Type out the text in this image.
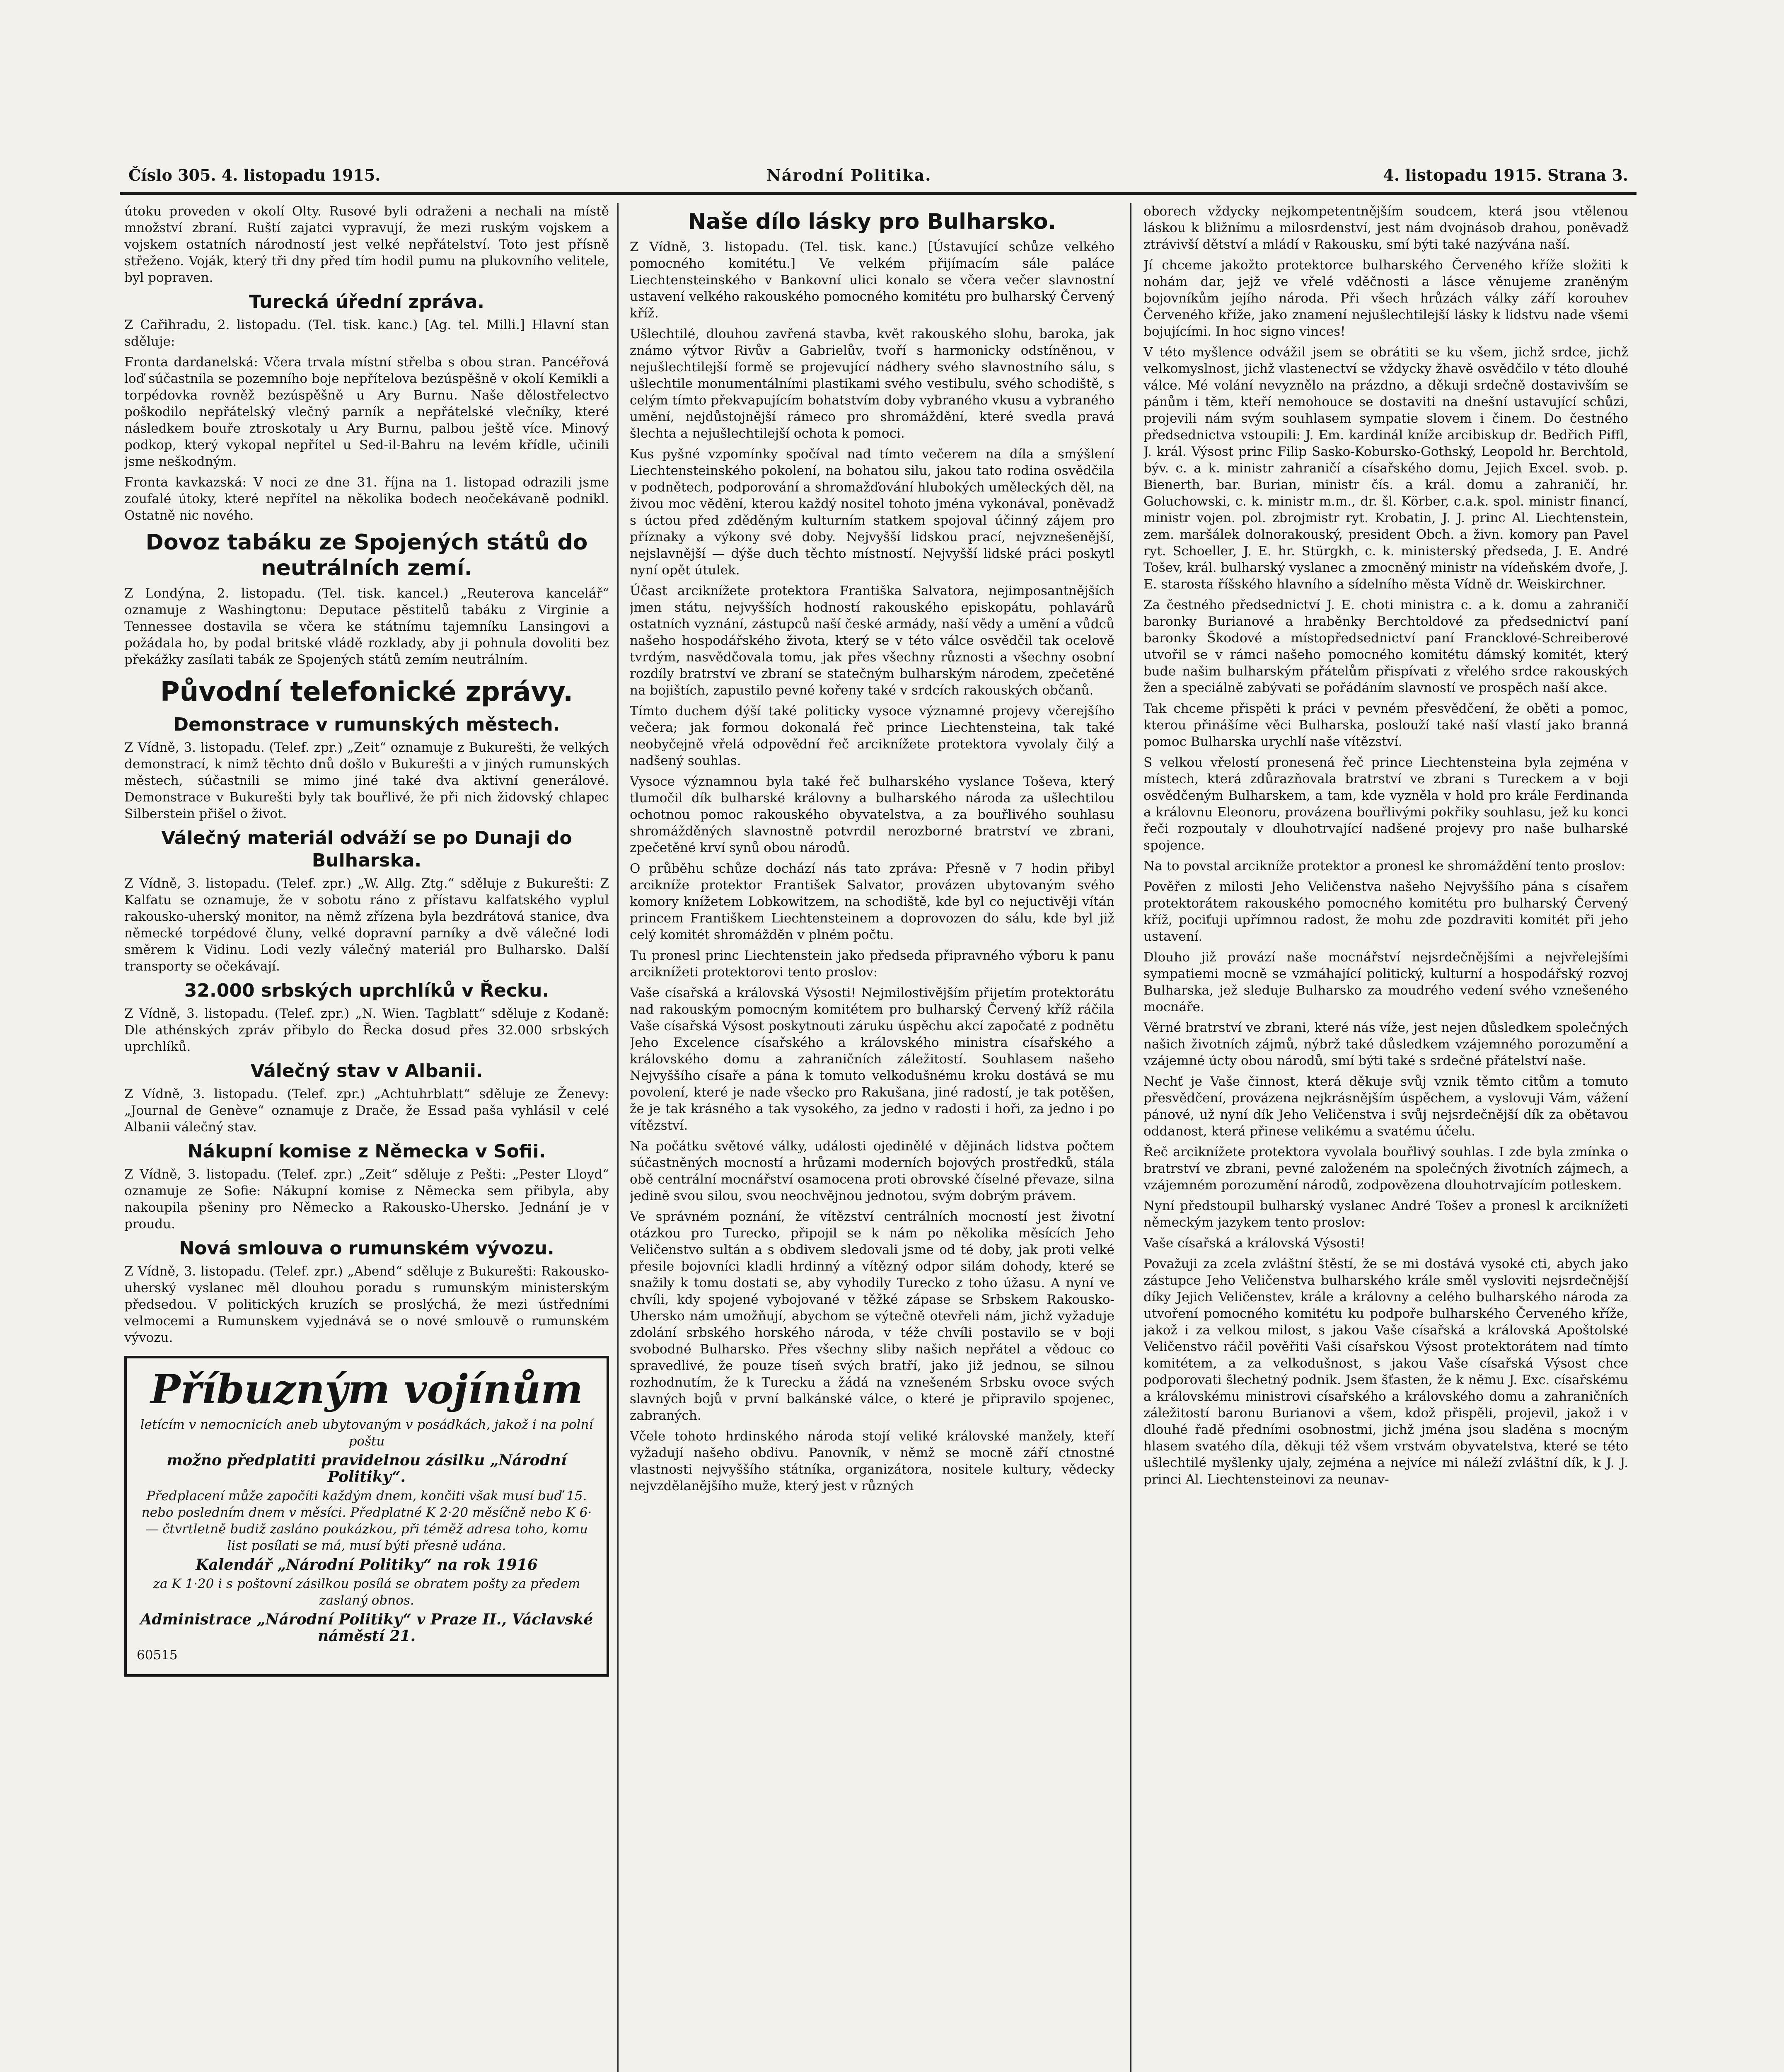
Číslo 305. 4. listopadu 1915.	Národní Politika.	4. listopadu 1915. Strana 3.

útoku proveden v okolí Olty. Rusové byli odraženi a nechali na místě množství zbraní. Ruští zajatci vypravují, že mezi ruským vojskem a vojskem ostatních národností jest velké nepřátelství. Toto jest přísně střeženo. Voják, který tři dny před tím hodil pumu na plukovního velitele, byl popraven.

Turecká úřední zpráva.

Z Cařihradu, 2. listopadu. (Tel. tisk. kanc.) [Ag. tel. Milli.] Hlavní stan sděluje:

Fronta dardanelská: Včera trvala místní střelba s obou stran. Pancéřová loď súčastnila se pozemního boje nepřítelova bezúspěšně v okolí Kemikli a torpédovka rovněž bezúspěšně u Ary Burnu. Naše dělostřelectvo poškodilo nepřátelský vlečný parník a nepřátelské vlečníky, které následkem bouře ztroskotaly u Ary Burnu, palbou ještě více. Minový podkop, který vykopal nepřítel u Sed-il-Bahru na levém křídle, učinili jsme neškodným.

Fronta kavkazská: V noci ze dne 31. října na 1. listopad odrazili jsme zoufalé útoky, které nepřítel na několika bodech neočekávaně podnikl. Ostatně nic nového.

Dovoz tabáku ze Spojených států do neutrálních zemí.

Z Londýna, 2. listopadu. (Tel. tisk. kancel.) „Reuterova kancelář“ oznamuje z Washingtonu: Deputace pěstitelů tabáku z Virginie a Tennessee dostavila se včera ke státnímu tajemníku Lansingovi a požádala ho, by podal britské vládě rozklady, aby ji pohnula dovoliti bez překážky zasílati tabák ze Spojených států zemím neutrálním.

Původní telefonické zprávy.
Demonstrace v rumunských městech.

Z Vídně, 3. listopadu. (Telef. zpr.) „Zeit“ oznamuje z Bukurešti, že velkých demonstrací, k nimž těchto dnů došlo v Bukurešti a v jiných rumunských městech, súčastnili se mimo jiné také dva aktivní generálové. Demonstrace v Bukurešti byly tak bouřlivé, že při nich židovský chlapec Silberstein přišel o život.

Válečný materiál odváží se po Dunaji do Bulharska.

Z Vídně, 3. listopadu. (Telef. zpr.) „W. Allg. Ztg.“ sděluje z Bukurešti: Z Kalfatu se oznamuje, že v sobotu ráno z přístavu kalfatského vyplul rakousko-uherský monitor, na němž zřízena byla bezdrátová stanice, dva německé torpédové čluny, velké dopravní parníky a dvě válečné lodi směrem k Vidinu. Lodi vezly válečný materiál pro Bulharsko. Další transporty se očekávají.

32.000 srbských uprchlíků v Řecku.

Z Vídně, 3. listopadu. (Telef. zpr.) „N. Wien. Tagblatt“ sděluje z Kodaně: Dle athénských zpráv přibylo do Řecka dosud přes 32.000 srbských uprchlíků.

Válečný stav v Albanii.

Z Vídně, 3. listopadu. (Telef. zpr.) „Achtuhrblatt“ sděluje ze Ženevy: „Journal de Genève“ oznamuje z Drače, že Essad paša vyhlásil v celé Albanii válečný stav.

Nákupní komise z Německa v Sofii.

Z Vídně, 3. listopadu. (Telef. zpr.) „Zeit“ sděluje z Pešti: „Pester Lloyd“ oznamuje ze Sofie: Nákupní komise z Německa sem přibyla, aby nakoupila pšeniny pro Německo a Rakousko-Uhersko. Jednání je v proudu.

Nová smlouva o rumunském vývozu.

Z Vídně, 3. listopadu. (Telef. zpr.) „Abend“ sděluje z Bukurešti: Rakousko-uherský vyslanec měl dlouhou poradu s rumunským ministerským předsedou. V politických kruzích se proslýchá, že mezi ústředními velmocemi a Rumunskem vyjednává se o nové smlouvě o rumunském vývozu.

Příbuzným vojínům

letícím v nemocnicích aneb ubytovaným v posádkách, jakož i na polní poštu

možno předplatiti pravidelnou zásilku „Národní Politiky“.

Předplacení může započíti každým dnem, končiti však musí buď 15. nebo posledním dnem v měsíci. Předplatné K 2·20 měsíčně nebo K 6·— čtvrtletně budiž zasláno poukázkou, při téměž adresa toho, komu list posílati se má, musí býti přesně udána.

Kalendář „Národní Politiky“ na rok 1916

za K 1·20 i s poštovní zásilkou posílá se obratem pošty za předem zaslaný obnos.

Administrace „Národní Politiky“ v Praze II., Václavské náměstí 21.

60515

Naše dílo lásky pro Bulharsko.

Z Vídně, 3. listopadu. (Tel. tisk. kanc.) [Ústavující schůze velkého pomocného komitétu.] Ve velkém přijímacím sále paláce Liechtensteinského v Bankovní ulici konalo se včera večer slavnostní ustavení velkého rakouského pomocného komitétu pro bulharský Červený kříž.

Ušlechtilé, dlouhou zavřená stavba, květ rakouského slohu, baroka, jak známo výtvor Rivův a Gabrielův, tvoří s harmonicky odstíněnou, v nejušlechtilejší formě se projevující nádhery svého slavnostního sálu, s ušlechtile monumentálními plastikami svého vestibulu, svého schodiště, s celým tímto překvapujícím bohatstvím doby vybraného vkusu a vybraného umění, nejdůstojnější rámeco pro shromáždění, které svedla pravá šlechta a nejušlechtilejší ochota k pomoci.

Kus pyšné vzpomínky spočíval nad tímto večerem na díla a smýšlení Liechtensteinského pokolení, na bohatou silu, jakou tato rodina osvědčila v podnětech, podporování a shromažďování hlubokých uměleckých děl, na živou moc vědění, kterou každý nositel tohoto jména vykonával, poněvadž s úctou před zděděným kulturním statkem spojoval účinný zájem pro příznaky a výkony své doby. Nejvyšší lidskou prací, nejvznešenější, nejslavnější — dýše duch těchto místností. Nejvyšší lidské práci poskytl nyní opět útulek.

Účast arciknížete protektora Františka Salvatora, nejimposantnějších jmen státu, nejvyšších hodností rakouského episkopátu, pohlavárů ostatních vyznání, zástupců naší české armády, naší vědy a umění a vůdců našeho hospodářského života, který se v této válce osvědčil tak ocelově tvrdým, nasvědčovala tomu, jak přes všechny různosti a všechny osobní rozdíly bratrství ve zbraní se statečným bulharským národem, zpečetěné na bojištích, zapustilo pevné kořeny také v srdcích rakouských občanů.

Tímto duchem dýší také politicky vysoce významné projevy včerejšího večera; jak formou dokonalá řeč prince Liechtensteina, tak také neobyčejně vřelá odpovědní řeč arciknížete protektora vyvolaly čilý a nadšený souhlas.

Vysoce významnou byla také řeč bulharského vyslance Toševa, který tlumočil dík bulharské královny a bulharského národa za ušlechtilou ochotnou pomoc rakouského obyvatelstva, a za bouřlivého souhlasu shromážděných slavnostně potvrdil nerozborné bratrství ve zbrani, zpečetěné krví synů obou národů.

O průběhu schůze dochází nás tato zpráva: Přesně v 7 hodin přibyl arcikníže protektor František Salvator, provázen ubytovaným svého komory knížetem Lobkowitzem, na schodiště, kde byl co nejuctivěji vítán princem Františkem Liechtensteinem a doprovozen do sálu, kde byl již celý komitét shromážděn v plném počtu.

Tu pronesl princ Liechtenstein jako předseda připravného výboru k panu arciknížeti protektorovi tento proslov:

Vaše císařská a královská Výsosti! Nejmilostivějším přijetím protektorátu nad rakouským pomocným komitétem pro bulharský Červený kříž ráčila Vaše císařská Výsost poskytnouti záruku úspěchu akcí započaté z podnětu Jeho Excelence císařského a královského ministra císařského a královského domu a zahraničních záležitostí. Souhlasem našeho Nejvyššího císaře a pána k tomuto velkodušnému kroku dostává se mu povolení, které je nade všecko pro Rakušana, jiné radostí, je tak potěšen, že je tak krásného a tak vysokého, za jedno v radosti i hoři, za jedno i po vítězství.

Na počátku světové války, události ojedinělé v dějinách lidstva počtem súčastněných mocností a hrůzami moderních bojových prostředků, stála obě centrální mocnářství osamocena proti obrovské číselné převaze, silna jedině svou silou, svou neochvějnou jednotou, svým dobrým právem.

Ve správném poznání, že vítězství centrálních mocností jest životní otázkou pro Turecko, připojil se k nám po několika měsících Jeho Veličenstvo sultán a s obdivem sledovali jsme od té doby, jak proti velké přesile bojovníci kladli hrdinný a vítězný odpor silám dohody, které se snažily k tomu dostati se, aby vyhodily Turecko z toho úžasu. A nyní ve chvíli, kdy spojené vybojované v těžké zápase se Srbskem Rakousko-Uhersko nám umožňují, abychom se výtečně otevřeli nám, jichž vyžaduje zdolání srbského horského národa, v téže chvíli postavilo se v boji svobodné Bulharsko. Přes všechny sliby našich nepřátel a vědouc co spravedlivé, že pouze tíseň svých bratří, jako již jednou, se silnou rozhodnutím, že k Turecku a žádá na vznešeném Srbsku ovoce svých slavných bojů v první balkánské válce, o které je připravilo spojenec, zabraných.

Včele tohoto hrdinského národa stojí veliké královské manžely, kteří vyžadují našeho obdivu. Panovník, v němž se mocně září ctnostné vlastnosti nejvyššího státníka, organizátora, nositele kultury, vědecky nejvzdělanějšího muže, který jest v různých

oborech vždycky nejkompetentnějším soudcem, která jsou vtělenou láskou k bližnímu a milosrdenství, jest nám dvojnásob drahou, poněvadž ztrávivší dětství a mládí v Rakousku, smí býti také nazývána naší.

Jí chceme jakožto protektorce bulharského Červeného kříže složiti k nohám dar, jejž ve vřelé vděčnosti a lásce věnujeme zraněným bojovníkům jejího národa. Při všech hrůzách války září korouhev Červeného kříže, jako znamení nejušlechtilejší lásky k lidstvu nade všemi bojujícími. In hoc signo vinces!

V této myšlence odvážil jsem se obrátiti se ku všem, jichž srdce, jichž velkomyslnost, jichž vlastenectví se vždycky žhavě osvědčilo v této dlouhé válce. Mé volání nevyznělo na prázdno, a děkuji srdečně dostavivším se pánům i těm, kteří nemohouce se dostaviti na dnešní ustavující schůzi, projevili nám svým souhlasem sympatie slovem i činem. Do čestného předsednictva vstoupili: J. Em. kardinál kníže arcibiskup dr. Bedřich Piffl, J. král. Výsost princ Filip Sasko-Kobursko-Gothský, Leopold hr. Berchtold, býv. c. a k. ministr zahraničí a císařského domu, Jejich Excel. svob. p. Bienerth, bar. Burian, ministr čís. a král. domu a zahraničí, hr. Goluchowski, c. k. ministr m.m., dr. šl. Körber, c.a.k. spol. ministr financí, ministr vojen. pol. zbrojmistr ryt. Krobatin, J. J. princ Al. Liechtenstein, zem. maršálek dolnorakouský, president Obch. a živn. komory pan Pavel ryt. Schoeller, J. E. hr. Stürgkh, c. k. ministerský předseda, J. E. André Tošev, král. bulharský vyslanec a zmocněný ministr na vídeňském dvoře, J. E. starosta říšského hlavního a sídelního města Vídně dr. Weiskirchner.

Za čestného předsednictví J. E. choti ministra c. a k. domu a zahraničí baronky Burianové a hraběnky Berchtoldové za předsednictví paní baronky Škodové a místopředsednictví paní Francklové-Schreiberové utvořil se v rámci našeho pomocného komitétu dámský komitét, který bude našim bulharským přátelům přispívati z vřelého srdce rakouských žen a speciálně zabývati se pořádáním slavností ve prospěch naší akce.

Tak chceme přispěti k práci v pevném přesvědčení, že oběti a pomoc, kterou přinášíme věci Bulharska, poslouží také naší vlastí jako branná pomoc Bulharska urychlí naše vítězství.

S velkou vřelostí pronesená řeč prince Liechtensteina byla zejména v místech, která zdůrazňovala bratrství ve zbrani s Tureckem a v boji osvědčeným Bulharskem, a tam, kde vyzněla v hold pro krále Ferdinanda a královnu Eleonoru, provázena bouřlivými pokřiky souhlasu, jež ku konci řeči rozpoutaly v dlouhotrvající nadšené projevy pro naše bulharské spojence.

Na to povstal arcikníže protektor a pronesl ke shromáždění tento proslov:

Pověřen z milosti Jeho Veličenstva našeho Nejvyššího pána s císařem protektorátem rakouského pomocného komitétu pro bulharský Červený kříž, pociťuji upřímnou radost, že mohu zde pozdraviti komitét při jeho ustavení.

Dlouho již provází naše mocnářství nejsrdečnějšími a nejvřelejšími sympatiemi mocně se vzmáhající politický, kulturní a hospodářský rozvoj Bulharska, jež sleduje Bulharsko za moudrého vedení svého vznešeného mocnáře.

Věrné bratrství ve zbrani, které nás víže, jest nejen důsledkem společných našich životních zájmů, nýbrž také důsledkem vzájemného porozumění a vzájemné úcty obou národů, smí býti také s srdečné přátelství naše.

Nechť je Vaše činnost, která děkuje svůj vznik těmto citům a tomuto přesvědčení, provázena nejkrásnějším úspěchem, a vyslovuji Vám, vážení pánové, už nyní dík Jeho Veličenstva i svůj nejsrdečnější dík za obětavou oddanost, která přinese velikému a svatému účelu.

Řeč arciknížete protektora vyvolala bouřlivý souhlas. I zde byla zmínka o bratrství ve zbrani, pevné založeném na společných životních zájmech, a vzájemném porozumění národů, zodpovězena dlouhotrvajícím potleskem.

Nyní předstoupil bulharský vyslanec André Tošev a pronesl k arciknížeti německým jazykem tento proslov:

Vaše císařská a královská Výsosti!

Považuji za zcela zvláštní štěstí, že se mi dostává vysoké cti, abych jako zástupce Jeho Veličenstva bulharského krále směl vysloviti nejsrdečnější díky Jejich Veličenstev, krále a královny a celého bulharského národa za utvoření pomocného komitétu ku podpoře bulharského Červeného kříže, jakož i za velkou milost, s jakou Vaše císařská a královská Apoštolské Veličenstvo ráčil pověřiti Vaši císařskou Výsost protektorátem nad tímto komitétem, a za velkodušnost, s jakou Vaše císařská Výsost chce podporovati šlechetný podnik. Jsem šťasten, že k němu J. Exc. císařskému a královskému ministrovi císařského a královského domu a zahraničních záležitostí baronu Burianovi a všem, kdož přispěli, projevil, jakož i v dlouhé řadě předními osobnostmi, jichž jména jsou sladěna s mocným hlasem svatého díla, děkuji též všem vrstvám obyvatelstva, které se této ušlechtilé myšlenky ujaly, zejména a nejvíce mi náleží zvláštní dík, k J. J. princi Al. Liechtensteinovi za neunav-
